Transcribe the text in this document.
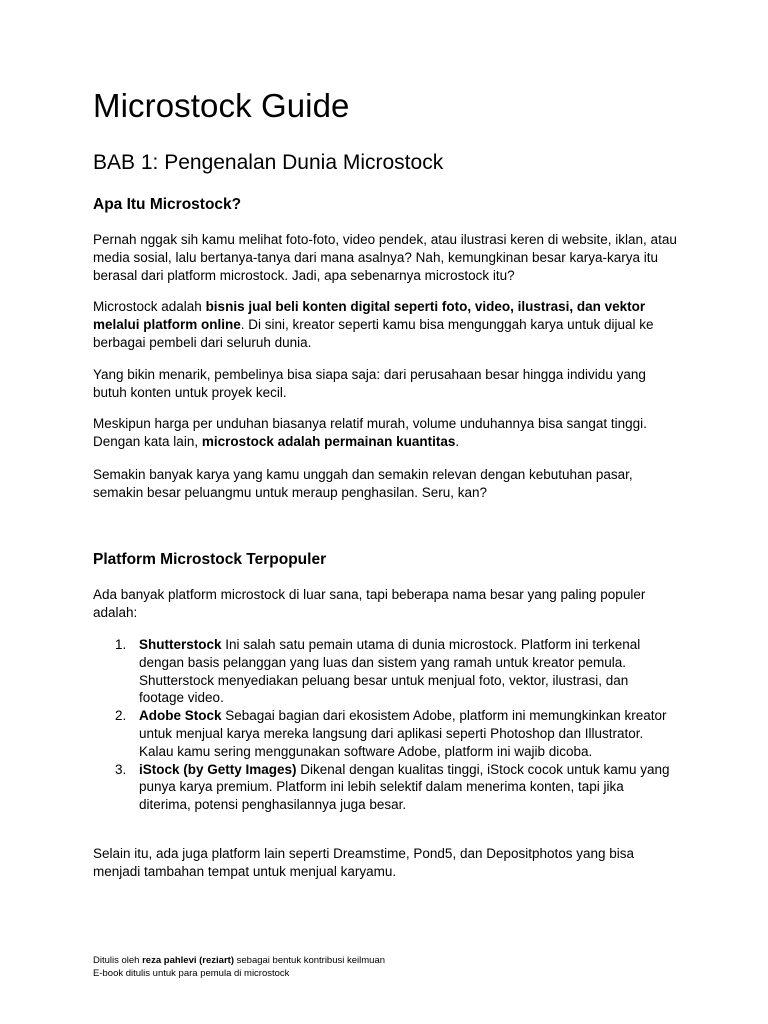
Microstock Guide
BAB 1: Pengenalan Dunia Microstock
Apa Itu Microstock?

Pernah nggak sih kamu melihat foto-foto, video pendek, atau ilustrasi keren di website, iklan, atau media sosial, lalu bertanya-tanya dari mana asalnya? Nah, kemungkinan besar karya-karya itu berasal dari platform microstock. Jadi, apa sebenarnya microstock itu?

Microstock adalah bisnis jual beli konten digital seperti foto, video, ilustrasi, dan vektor melalui platform online. Di sini, kreator seperti kamu bisa mengunggah karya untuk dijual ke berbagai pembeli dari seluruh dunia.

Yang bikin menarik, pembelinya bisa siapa saja: dari perusahaan besar hingga individu yang butuh konten untuk proyek kecil.

Meskipun harga per unduhan biasanya relatif murah, volume unduhannya bisa sangat tinggi. Dengan kata lain, microstock adalah permainan kuantitas.

Semakin banyak karya yang kamu unggah dan semakin relevan dengan kebutuhan pasar, semakin besar peluangmu untuk meraup penghasilan. Seru, kan?

Platform Microstock Terpopuler

Ada banyak platform microstock di luar sana, tapi beberapa nama besar yang paling populer adalah:

1. Shutterstock Ini salah satu pemain utama di dunia microstock. Platform ini terkenal dengan basis pelanggan yang luas dan sistem yang ramah untuk kreator pemula. Shutterstock menyediakan peluang besar untuk menjual foto, vektor, ilustrasi, dan footage video.
2. Adobe Stock Sebagai bagian dari ekosistem Adobe, platform ini memungkinkan kreator untuk menjual karya mereka langsung dari aplikasi seperti Photoshop dan Illustrator. Kalau kamu sering menggunakan software Adobe, platform ini wajib dicoba.
3. iStock (by Getty Images) Dikenal dengan kualitas tinggi, iStock cocok untuk kamu yang punya karya premium. Platform ini lebih selektif dalam menerima konten, tapi jika diterima, potensi penghasilannya juga besar.

Selain itu, ada juga platform lain seperti Dreamstime, Pond5, dan Depositphotos yang bisa menjadi tambahan tempat untuk menjual karyamu.

Ditulis oleh reza pahlevi (reziart) sebagai bentuk kontribusi keilmuan
E-book ditulis untuk para pemula di microstock
